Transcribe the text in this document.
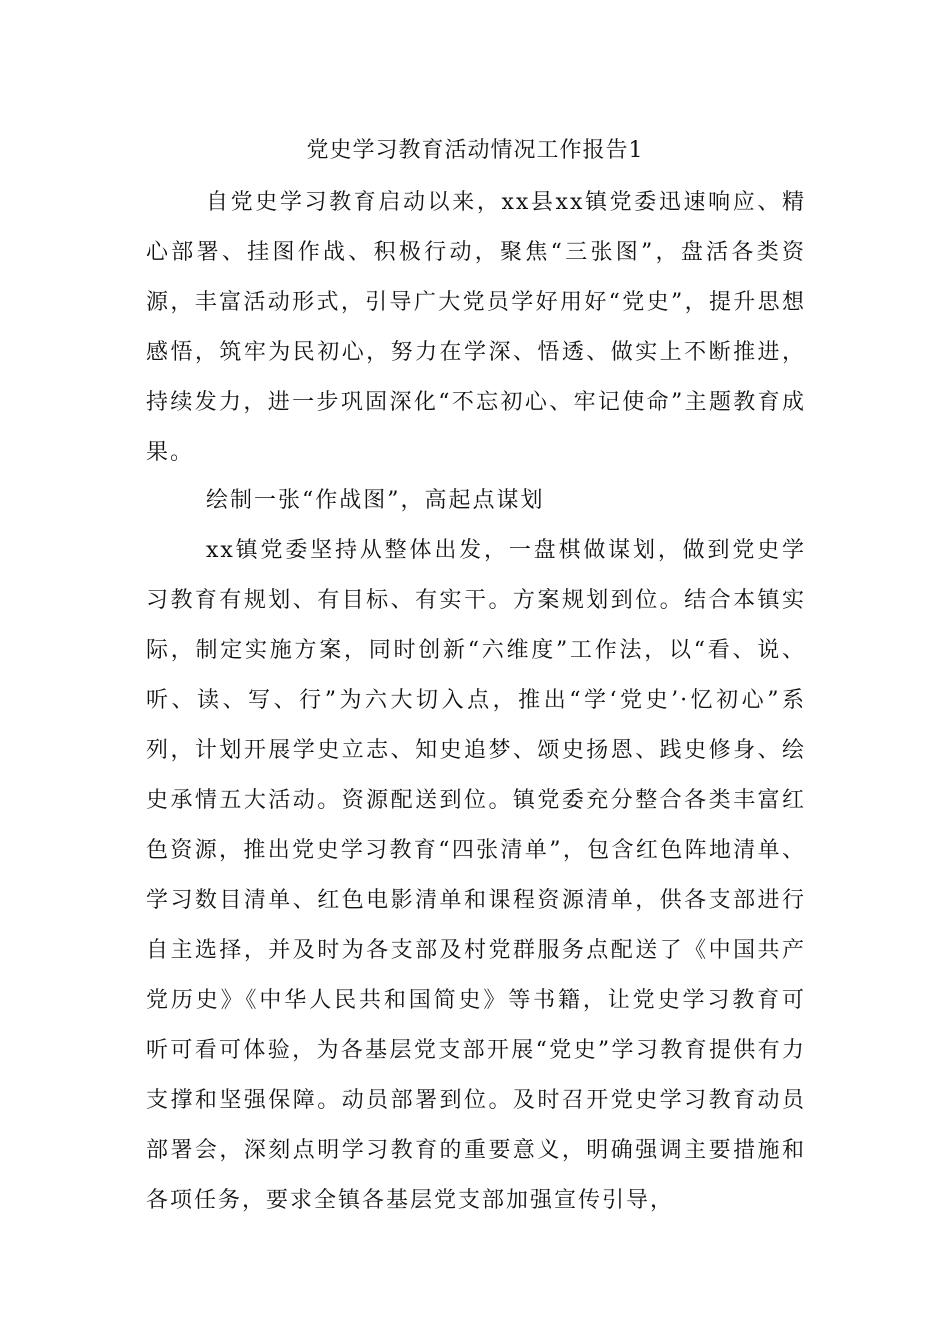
党史学习教育活动情况工作报告1

自党史学习教育启动以来，xx县xx镇党委迅速响应、精心部署、挂图作战、积极行动，聚焦“三张图”，盘活各类资源，丰富活动形式，引导广大党员学好用好“党史”，提升思想感悟，筑牢为民初心，努力在学深、悟透、做实上不断推进，持续发力，进一步巩固深化“不忘初心、牢记使命”主题教育成果。

绘制一张“作战图”，高起点谋划

xx镇党委坚持从整体出发，一盘棋做谋划，做到党史学习教育有规划、有目标、有实干。方案规划到位。结合本镇实际，制定实施方案，同时创新“六维度”工作法，以“看、说、听、读、写、行”为六大切入点，推出“学‘党史’·忆初心”系列，计划开展学史立志、知史追梦、颂史扬恩、践史修身、绘史承情五大活动。资源配送到位。镇党委充分整合各类丰富红色资源，推出党史学习教育“四张清单”，包含红色阵地清单、学习数目清单、红色电影清单和课程资源清单，供各支部进行自主选择，并及时为各支部及村党群服务点配送了《中国共产党历史》《中华人民共和国简史》等书籍，让党史学习教育可听可看可体验，为各基层党支部开展“党史”学习教育提供有力支撑和坚强保障。动员部署到位。及时召开党史学习教育动员部署会，深刻点明学习教育的重要意义，明确强调主要措施和各项任务，要求全镇各基层党支部加强宣传引导，
